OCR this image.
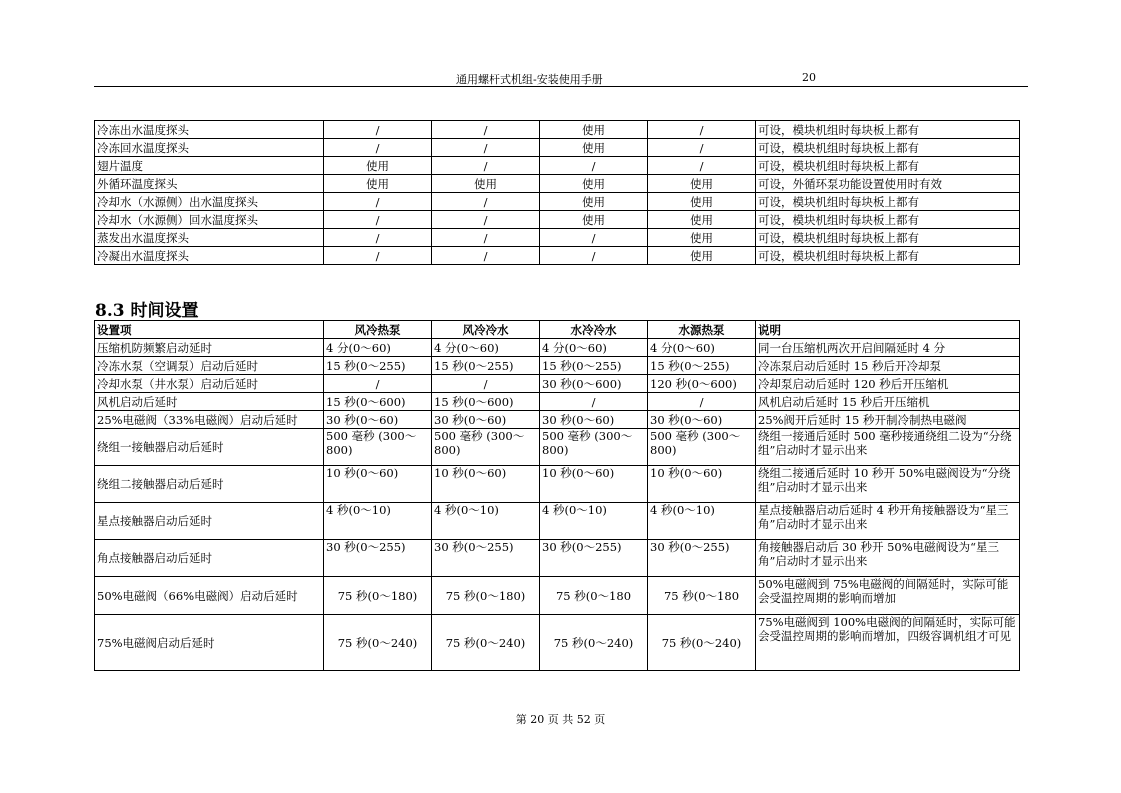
通用螺杆式机组-安装使用手册	20
冷冻出水温度探头	/	/	使用	/	可设，模块机组时每块板上都有
冷冻回水温度探头	/	/	使用	/	可设，模块机组时每块板上都有
翅片温度	使用	/	/	/	可设，模块机组时每块板上都有
外循环温度探头	使用	使用	使用	使用	可设，外循环泵功能设置使用时有效
冷却水（水源侧）出水温度探头	/	/	使用	使用	可设，模块机组时每块板上都有
冷却水（水源侧）回水温度探头	/	/	使用	使用	可设，模块机组时每块板上都有
蒸发出水温度探头	/	/	/	使用	可设，模块机组时每块板上都有
冷凝出水温度探头	/	/	/	使用	可设，模块机组时每块板上都有
8.3 时间设置
设置项	风冷热泵	风冷冷水	水冷冷水	水源热泵	说明
压缩机防频繁启动延时	4 分(0～60)	4 分(0～60)	4 分(0～60)	4 分(0～60)	同一台压缩机两次开启间隔延时 4 分
冷冻水泵（空调泵）启动后延时	15 秒(0～255)	15 秒(0～255)	15 秒(0～255)	15 秒(0～255)	冷冻泵启动后延时 15 秒后开冷却泵
冷却水泵（井水泵）启动后延时	/	/	30 秒(0～600)	120 秒(0～600)	冷却泵启动后延时 120 秒后开压缩机
风机启动后延时	15 秒(0～600)	15 秒(0～600)	/	/	风机启动后延时 15 秒后开压缩机
25%电磁阀（33%电磁阀）启动后延时	30 秒(0～60)	30 秒(0～60)	30 秒(0～60)	30 秒(0～60)	25%阀开后延时 15 秒开制冷制热电磁阀
绕组一接触器启动后延时	500 毫秒 (300～800)	500 毫秒 (300～800)	500 毫秒 (300～800)	500 毫秒 (300～800)	绕组一接通后延时 500 毫秒接通绕组二设为“分绕组”启动时才显示出来
绕组二接触器启动后延时	10 秒(0～60)	10 秒(0～60)	10 秒(0～60)	10 秒(0～60)	绕组二接通后延时 10 秒开 50%电磁阀设为“分绕组”启动时才显示出来
星点接触器启动后延时	4 秒(0～10)	4 秒(0～10)	4 秒(0～10)	4 秒(0～10)	星点接触器启动后延时 4 秒开角接触器设为“星三角”启动时才显示出来
角点接触器启动后延时	30 秒(0～255)	30 秒(0～255)	30 秒(0～255)	30 秒(0～255)	角接触器启动后 30 秒开 50%电磁阀设为“星三角”启动时才显示出来
50%电磁阀（66%电磁阀）启动后延时	75 秒(0～180)	75 秒(0～180)	75 秒(0～180	75 秒(0～180	50%电磁阀到 75%电磁阀的间隔延时，实际可能会受温控周期的影响而增加
75%电磁阀启动后延时	75 秒(0～240)	75 秒(0～240)	75 秒(0～240)	75 秒(0～240)	75%电磁阀到 100%电磁阀的间隔延时，实际可能会受温控周期的影响而增加，四级容调机组才可见
第 20 页 共 52 页
